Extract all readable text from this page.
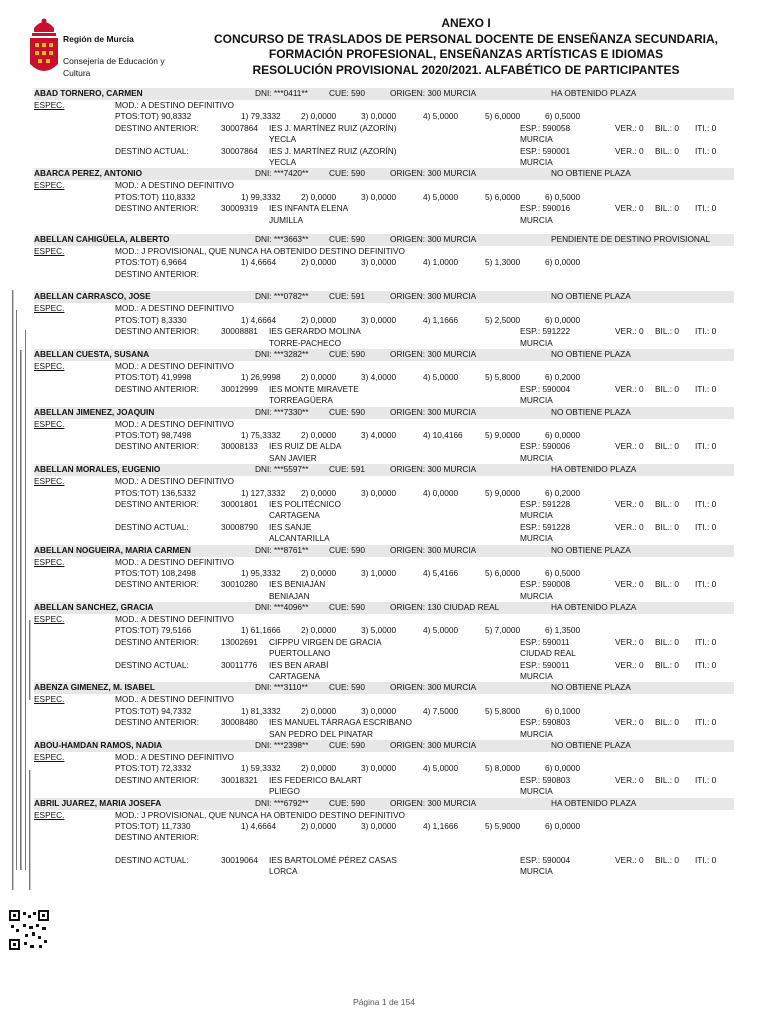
Región de Murcia
Consejería de Educación y Cultura
ANEXO I
CONCURSO DE TRASLADOS DE PERSONAL DOCENTE DE ENSEÑANZA SECUNDARIA,
FORMACIÓN PROFESIONAL, ENSEÑANZAS ARTÍSTICAS E IDIOMAS
RESOLUCIÓN PROVISIONAL 2020/2021. ALFABÉTICO DE PARTICIPANTES
ABAD TORNERO, CARMEN	DNI: ***0411**	CUE: 590	ORIGEN: 300 MURCIA	HA OBTENIDO PLAZA
ESPEC.	MOD.: A DESTINO DEFINITIVO
PTOS:TOT) 90,8332	1) 79,3332 2) 0,0000	3) 0,0000	4) 5,0000	5) 6,0000	6) 0,5000
DESTINO ANTERIOR:	30007864 IES J. MARTÍNEZ RUIZ (AZORÍN)	ESP.: 590058	VER.: 0 BIL.: 0 ITI.: 0
YECLA	MURCIA
DESTINO ACTUAL:	30007864 IES J. MARTÍNEZ RUIZ (AZORÍN)	ESP.: 590001	VER.: 0 BIL.: 0 ITI.: 0
YECLA	MURCIA
ABARCA PEREZ, ANTONIO	DNI: ***7420** CUE: 590	ORIGEN: 300 MURCIA	NO OBTIENE PLAZA
ESPEC.	MOD.: A DESTINO DEFINITIVO
PTOS:TOT) 110,8332	1) 99,3332 2) 0,0000	3) 0,0000	4) 5,0000	5) 6,0000	6) 0,5000
DESTINO ANTERIOR:	30009319 IES INFANTA ELENA	ESP.: 590016	VER.: 0 BIL.: 0 ITI.: 0
JUMILLA	MURCIA
ABELLAN CAHIGÜELA, ALBERTO	DNI: ***3663** CUE: 590	ORIGEN: 300 MURCIA	PENDIENTE DE DESTINO PROVISIONAL
ESPEC.	MOD.: J PROVISIONAL, QUE NUNCA HA OBTENIDO DESTINO DEFINITIVO
PTOS:TOT) 6,9664	1) 4,6664	2) 0,0000	3) 0,0000	4) 1,0000	5) 1,3000	6) 0,0000
DESTINO ANTERIOR:
ABELLAN CARRASCO, JOSE	DNI: ***0782** CUE: 591	ORIGEN: 300 MURCIA	NO OBTIENE PLAZA
ESPEC.	MOD.: A DESTINO DEFINITIVO
PTOS:TOT) 8,3330	1) 4,6664	2) 0,0000	3) 0,0000	4) 1,1666	5) 2,5000	6) 0,0000
DESTINO ANTERIOR:	30008881 IES GERARDO MOLINA	ESP.: 591222	VER.: 0 BIL.: 0 ITI.: 0
TORRE-PACHECO	MURCIA
ABELLAN CUESTA, SUSANA	DNI: ***3282** CUE: 590	ORIGEN: 300 MURCIA	NO OBTIENE PLAZA
ESPEC.	MOD.: A DESTINO DEFINITIVO
PTOS:TOT) 41,9998	1) 26,9998 2) 0,0000	3) 4,0000	4) 5,0000	5) 5,8000	6) 0,2000
DESTINO ANTERIOR:	30012999 IES MONTE MIRAVETE	ESP.: 590004	VER.: 0 BIL.: 0 ITI.: 0
TORREAGÜERA	MURCIA
ABELLAN JIMENEZ, JOAQUIN	DNI: ***7330** CUE: 590	ORIGEN: 300 MURCIA	NO OBTIENE PLAZA
ESPEC.	MOD.: A DESTINO DEFINITIVO
PTOS:TOT) 98,7498	1) 75,3332 2) 0,0000	3) 4,0000	4) 10,4166	5) 9,0000	6) 0,0000
DESTINO ANTERIOR:	30008133 IES RUIZ DE ALDA	ESP.: 590006	VER.: 0 BIL.: 0 ITI.: 0
SAN JAVIER	MURCIA
ABELLAN MORALES, EUGENIO	DNI: ***5597** CUE: 591	ORIGEN: 300 MURCIA	HA OBTENIDO PLAZA
ESPEC.	MOD.: A DESTINO DEFINITIVO
PTOS:TOT) 136,5332	1) 127,3332 2) 0,0000	3) 0,0000	4) 0,0000	5) 9,0000	6) 0,2000
DESTINO ANTERIOR:	30001801 IES POLITÉCNICO	ESP.: 591228	VER.: 0 BIL.: 0 ITI.: 0
CARTAGENA	MURCIA
DESTINO ACTUAL:	30008790 IES SANJE	ESP.: 591228	VER.: 0 BIL.: 0 ITI.: 0
ALCANTARILLA	MURCIA
ABELLAN NOGUEIRA, MARIA CARMEN	DNI: ***8761** CUE: 590	ORIGEN: 300 MURCIA	NO OBTIENE PLAZA
ESPEC.	MOD.: A DESTINO DEFINITIVO
PTOS:TOT) 108,2498	1) 95,3332 2) 0,0000	3) 1,0000	4) 5,4166	5) 6,0000	6) 0,5000
DESTINO ANTERIOR:	30010280 IES BENIAJÁN	ESP.: 590008	VER.: 0 BIL.: 0 ITI.: 0
BENIAJAN	MURCIA
ABELLAN SANCHEZ, GRACIA	DNI: ***4096** CUE: 590	ORIGEN: 130 CIUDAD REAL	HA OBTENIDO PLAZA
ESPEC.	MOD.: A DESTINO DEFINITIVO
PTOS:TOT) 79,5166	1) 61,1666 2) 0,0000	3) 5,0000	4) 5,0000	5) 7,0000	6) 1,3500
DESTINO ANTERIOR:	13002691 CIFPPU VIRGEN DE GRACIA	ESP.: 590011	VER.: 0 BIL.: 0 ITI.: 0
PUERTOLLANO	CIUDAD REAL
DESTINO ACTUAL:	30011776 IES BEN ARABÍ	ESP.: 590011	VER.: 0 BIL.: 0 ITI.: 0
CARTAGENA	MURCIA
ABENZA GIMENEZ, M. ISABEL	DNI: ***3110**	CUE: 590	ORIGEN: 300 MURCIA	NO OBTIENE PLAZA
ESPEC.	MOD.: A DESTINO DEFINITIVO
PTOS:TOT) 94,7332	1) 81,3332 2) 0,0000	3) 0,0000	4) 7,5000	5) 5,8000	6) 0,1000
DESTINO ANTERIOR:	30008480 IES MANUEL TÁRRAGA ESCRIBANO	ESP.: 590803	VER.: 0 BIL.: 0 ITI.: 0
SAN PEDRO DEL PINATAR	MURCIA
ABOU-HAMDAN RAMOS, NADIA	DNI: ***2398** CUE: 590	ORIGEN: 300 MURCIA	NO OBTIENE PLAZA
ESPEC.	MOD.: A DESTINO DEFINITIVO
PTOS:TOT) 72,3332	1) 59,3332 2) 0,0000	3) 0,0000	4) 5,0000	5) 8,0000	6) 0,0000
DESTINO ANTERIOR:	30018321 IES FEDERICO BALART	ESP.: 590803	VER.: 0 BIL.: 0 ITI.: 0
PLIEGO	MURCIA
ABRIL JUAREZ, MARIA JOSEFA	DNI: ***6792** CUE: 590	ORIGEN: 300 MURCIA	HA OBTENIDO PLAZA
ESPEC.	MOD.: J PROVISIONAL, QUE NUNCA HA OBTENIDO DESTINO DEFINITIVO
PTOS:TOT) 11,7330	1) 4,6664	2) 0,0000	3) 0,0000	4) 1,1666	5) 5,9000	6) 0,0000
DESTINO ANTERIOR:
DESTINO ACTUAL:	30019064 IES BARTOLOMÉ PÉREZ CASAS	ESP.: 590004	VER.: 0 BIL.: 0 ITI.: 0
LORCA	MURCIA
Página 1 de 154
